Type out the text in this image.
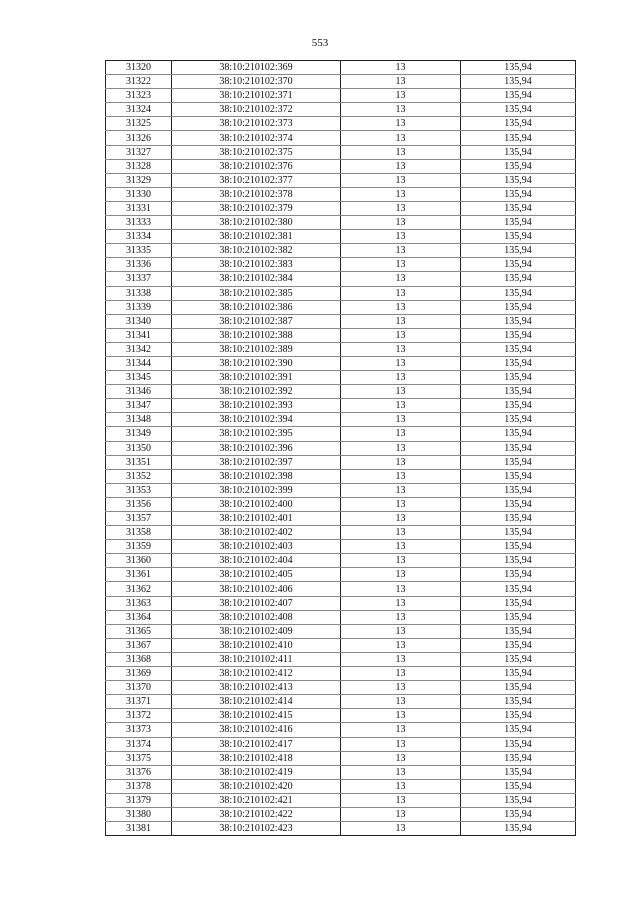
553
31320	38:10:210102:369	13	135,94
31322	38:10:210102:370	13	135,94
31323	38:10:210102:371	13	135,94
31324	38:10:210102:372	13	135,94
31325	38:10:210102:373	13	135,94
31326	38:10:210102:374	13	135,94
31327	38:10:210102:375	13	135,94
31328	38:10:210102:376	13	135,94
31329	38:10:210102:377	13	135,94
31330	38:10:210102:378	13	135,94
31331	38:10:210102:379	13	135,94
31333	38:10:210102:380	13	135,94
31334	38:10:210102:381	13	135,94
31335	38:10:210102:382	13	135,94
31336	38:10:210102:383	13	135,94
31337	38:10:210102:384	13	135,94
31338	38:10:210102:385	13	135,94
31339	38:10:210102:386	13	135,94
31340	38:10:210102:387	13	135,94
31341	38:10:210102:388	13	135,94
31342	38:10:210102:389	13	135,94
31344	38:10:210102:390	13	135,94
31345	38:10:210102:391	13	135,94
31346	38:10:210102:392	13	135,94
31347	38:10:210102:393	13	135,94
31348	38:10:210102:394	13	135,94
31349	38:10:210102:395	13	135,94
31350	38:10:210102:396	13	135,94
31351	38:10:210102:397	13	135,94
31352	38:10:210102:398	13	135,94
31353	38:10:210102:399	13	135,94
31356	38:10:210102:400	13	135,94
31357	38:10:210102:401	13	135,94
31358	38:10:210102:402	13	135,94
31359	38:10:210102:403	13	135,94
31360	38:10:210102:404	13	135,94
31361	38:10:210102:405	13	135,94
31362	38:10:210102:406	13	135,94
31363	38:10:210102:407	13	135,94
31364	38:10:210102:408	13	135,94
31365	38:10:210102:409	13	135,94
31367	38:10:210102:410	13	135,94
31368	38:10:210102:411	13	135,94
31369	38:10:210102:412	13	135,94
31370	38:10:210102:413	13	135,94
31371	38:10:210102:414	13	135,94
31372	38:10:210102:415	13	135,94
31373	38:10:210102:416	13	135,94
31374	38:10:210102:417	13	135,94
31375	38:10:210102:418	13	135,94
31376	38:10:210102:419	13	135,94
31378	38:10:210102:420	13	135,94
31379	38:10:210102:421	13	135,94
31380	38:10:210102:422	13	135,94
31381	38:10:210102:423	13	135,94
